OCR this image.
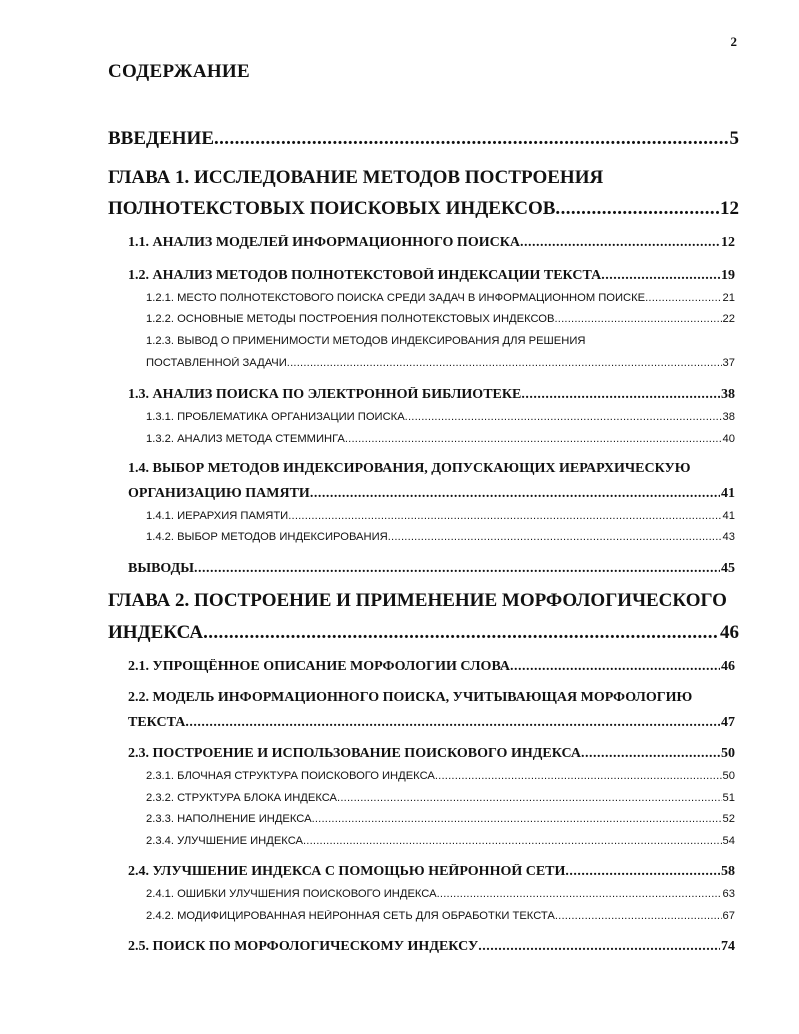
2
СОДЕРЖАНИЕ
ВВЕДЕНИЕ .....	5
ГЛАВА 1. ИССЛЕДОВАНИЕ МЕТОДОВ ПОСТРОЕНИЯ
ПОЛНОТЕКСТОВЫХ ПОИСКОВЫХ ИНДЕКСОВ .....	12
1.1. АНАЛИЗ МОДЕЛЕЙ ИНФОРМАЦИОННОГО ПОИСКА .....	12
1.2. АНАЛИЗ МЕТОДОВ ПОЛНОТЕКСТОВОЙ ИНДЕКСАЦИИ ТЕКСТА .....	19
1.2.1. МЕСТО ПОЛНОТЕКСТОВОГО ПОИСКА СРЕДИ ЗАДАЧ В ИНФОРМАЦИОННОМ ПОИСКЕ .....	21
1.2.2. ОСНОВНЫЕ МЕТОДЫ ПОСТРОЕНИЯ ПОЛНОТЕКСТОВЫХ ИНДЕКСОВ .....	22
1.2.3. ВЫВОД О ПРИМЕНИМОСТИ МЕТОДОВ ИНДЕКСИРОВАНИЯ ДЛЯ РЕШЕНИЯ
ПОСТАВЛЕННОЙ ЗАДАЧИ .....	37
1.3. АНАЛИЗ ПОИСКА ПО ЭЛЕКТРОННОЙ БИБЛИОТЕКЕ .....	38
1.3.1. ПРОБЛЕМАТИКА ОРГАНИЗАЦИИ ПОИСКА .....	38
1.3.2. АНАЛИЗ МЕТОДА СТЕММИНГА .....	40
1.4. ВЫБОР МЕТОДОВ ИНДЕКСИРОВАНИЯ, ДОПУСКАЮЩИХ ИЕРАРХИЧЕСКУЮ
ОРГАНИЗАЦИЮ ПАМЯТИ .....	41
1.4.1. ИЕРАРХИЯ ПАМЯТИ .....	41
1.4.2. ВЫБОР МЕТОДОВ ИНДЕКСИРОВАНИЯ .....	43
ВЫВОДЫ .....	45
ГЛАВА 2. ПОСТРОЕНИЕ И ПРИМЕНЕНИЕ МОРФОЛОГИЧЕСКОГО
ИНДЕКСА .....	46
2.1. УПРОЩЁННОЕ ОПИСАНИЕ МОРФОЛОГИИ СЛОВА .....	46
2.2. МОДЕЛЬ ИНФОРМАЦИОННОГО ПОИСКА, УЧИТЫВАЮЩАЯ МОРФОЛОГИЮ
ТЕКСТА .....	47
2.3. ПОСТРОЕНИЕ И ИСПОЛЬЗОВАНИЕ ПОИСКОВОГО ИНДЕКСА .....	50
2.3.1. БЛОЧНАЯ СТРУКТУРА ПОИСКОВОГО ИНДЕКСА .....	50
2.3.2. СТРУКТУРА БЛОКА ИНДЕКСА .....	51
2.3.3. НАПОЛНЕНИЕ ИНДЕКСА .....	52
2.3.4. УЛУЧШЕНИЕ ИНДЕКСА .....	54
2.4. УЛУЧШЕНИЕ ИНДЕКСА С ПОМОЩЬЮ НЕЙРОННОЙ СЕТИ .....	58
2.4.1. ОШИБКИ УЛУЧШЕНИЯ ПОИСКОВОГО ИНДЕКСА .....	63
2.4.2. МОДИФИЦИРОВАННАЯ НЕЙРОННАЯ СЕТЬ ДЛЯ ОБРАБОТКИ ТЕКСТА .....	67
2.5. ПОИСК ПО МОРФОЛОГИЧЕСКОМУ ИНДЕКСУ .....	74
